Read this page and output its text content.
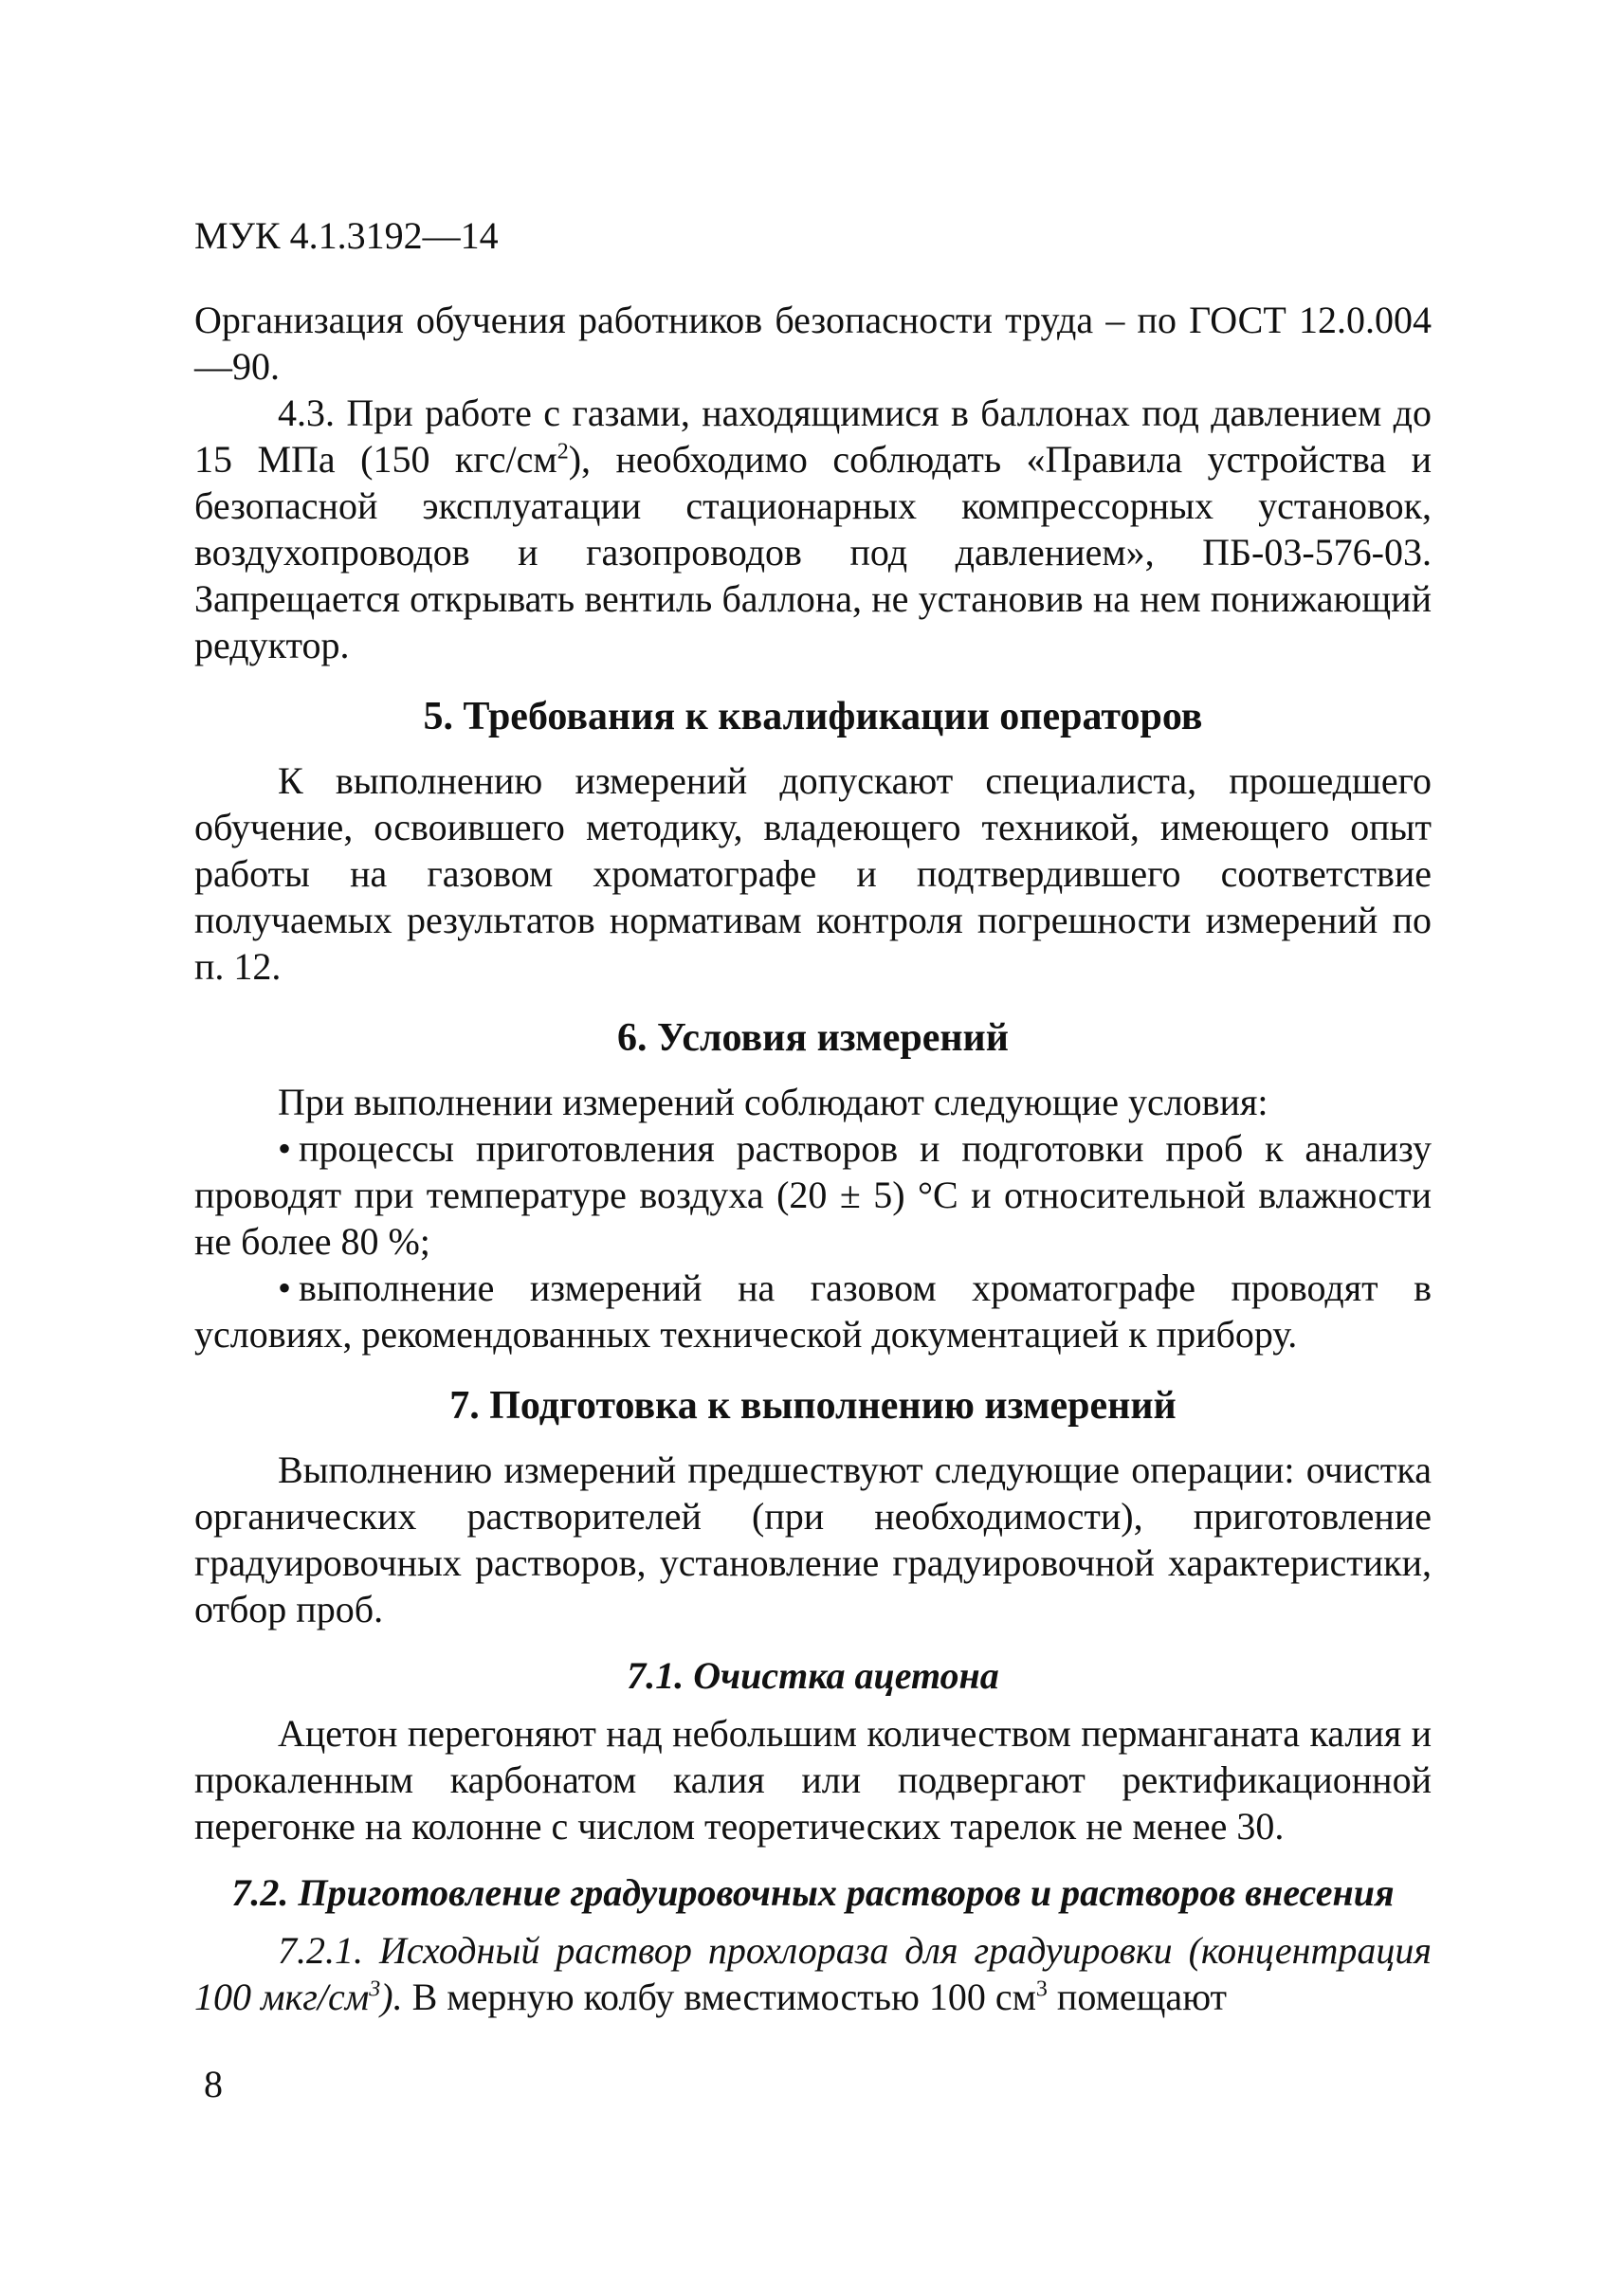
МУК 4.1.3192—14

Организация обучения работников безопасности труда – по ГОСТ 12.0.004—90.

4.3. При работе с газами, находящимися в баллонах под давлением до 15 МПа (150 кгс/$см^2$), необходимо соблюдать «Правила устройства и безопасной эксплуатации стационарных компрессорных установок, воздухопроводов и газопроводов под давлением», ПБ-03-576-03. Запрещается открывать вентиль баллона, не установив на нем понижающий редуктор.

5. Требования к квалификации операторов

К выполнению измерений допускают специалиста, прошедшего обучение, освоившего методику, владеющего техникой, имеющего опыт работы на газовом хроматографе и подтвердившего соответствие получаемых результатов нормативам контроля погрешности измерений по п. 12.

6. Условия измерений

При выполнении измерений соблюдают следующие условия:

• процессы приготовления растворов и подготовки проб к анализу проводят при температуре воздуха (20 ± 5) °С и относительной влажности не более 80 %;

• выполнение измерений на газовом хроматографе проводят в условиях, рекомендованных технической документацией к прибору.

7. Подготовка к выполнению измерений

Выполнению измерений предшествуют следующие операции: очистка органических растворителей (при необходимости), приготовление градуировочных растворов, установление градуировочной характеристики, отбор проб.

7.1. Очистка ацетона

Ацетон перегоняют над небольшим количеством перманганата калия и прокаленным карбонатом калия или подвергают ректификационной перегонке на колонне с числом теоретических тарелок не менее 30.

7.2. Приготовление градуировочных растворов и растворов внесения

7.2.1. Исходный раствор прохлораза для градуировки (концентрация 100 мкг/$см^3$). В мерную колбу вместимостью 100 $см^3$ помещают

8
